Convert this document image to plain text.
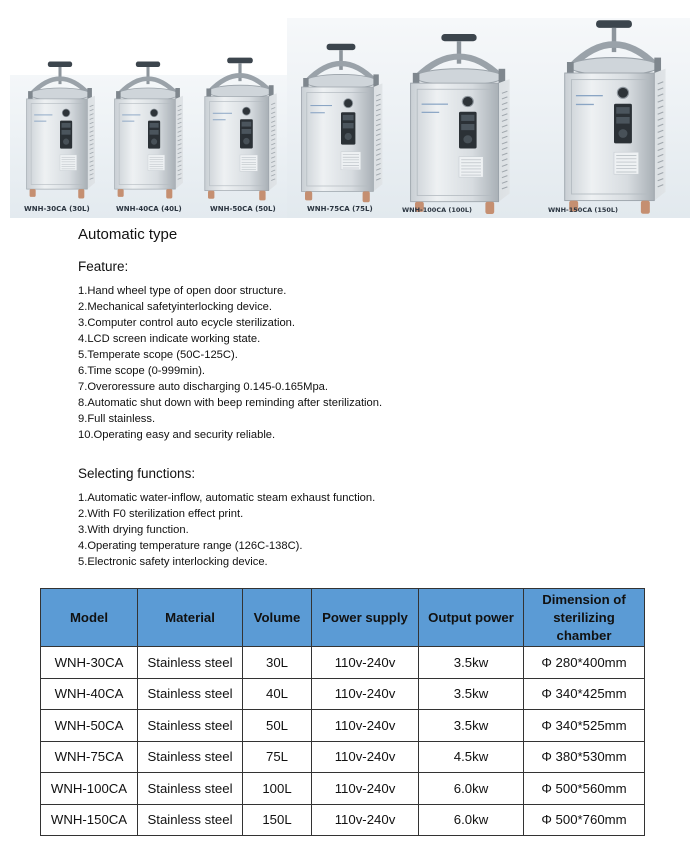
WNH-30CA (30L)	WNH-40CA (40L)	WNH-50CA (50L)	WNH-75CA (75L)	WNH-100CA (100L)	WNH-150CA (150L)
Automatic type
Feature:
1.Hand wheel type of open door structure.
2.Mechanical safetyinterlocking device.
3.Computer control auto ecycle sterilization.
4.LCD screen indicate working state.
5.Temperate scope (50C-125C).
6.Time scope (0-999min).
7.Overoressure auto discharging 0.145-0.165Mpa.
8.Automatic shut down with beep reminding after sterilization.
9.Full stainless.
10.Operating easy and security reliable.
Selecting functions:
1.Automatic water-inflow, automatic steam exhaust function.
2.With F0 sterilization effect print.
3.With drying function.
4.Operating temperature range (126C-138C).
5.Electronic safety interlocking device.
Model	Material	Volume	Power supply	Output power	Dimension of sterilizing chamber
WNH-30CA	Stainless steel	30L	110v-240v	3.5kw	Φ 280*400mm
WNH-40CA	Stainless steel	40L	110v-240v	3.5kw	Φ 340*425mm
WNH-50CA	Stainless steel	50L	110v-240v	3.5kw	Φ 340*525mm
WNH-75CA	Stainless steel	75L	110v-240v	4.5kw	Φ 380*530mm
WNH-100CA	Stainless steel	100L	110v-240v	6.0kw	Φ 500*560mm
WNH-150CA	Stainless steel	150L	110v-240v	6.0kw	Φ 500*760mm
